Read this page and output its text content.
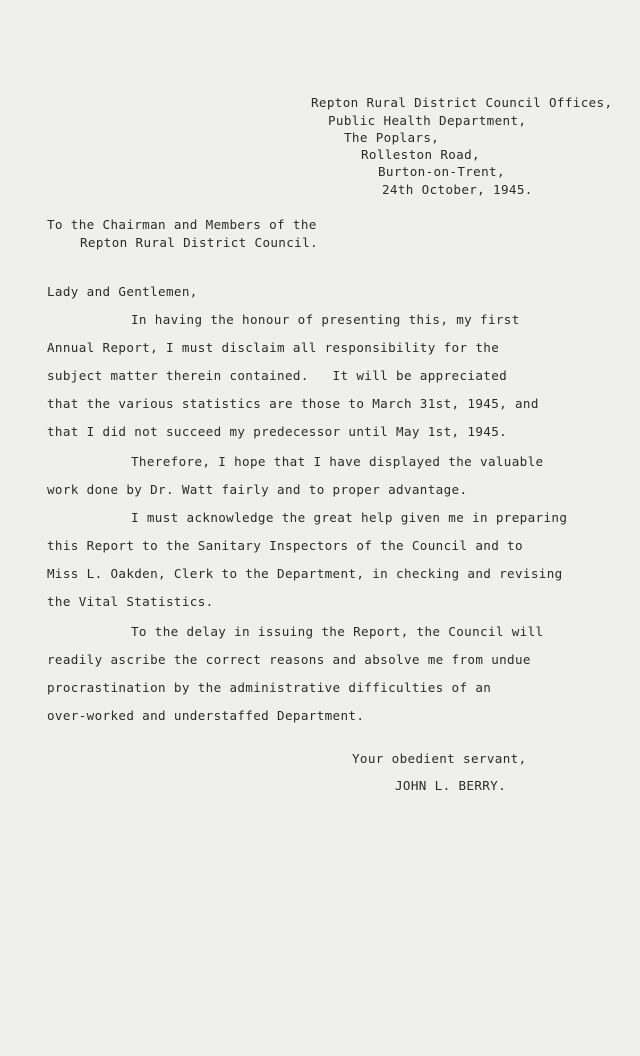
Repton Rural District Council Offices,
Public Health Department,
The Poplars,
Rolleston Road,
Burton-on-Trent,
24th October, 1945.
To the Chairman and Members of the
Repton Rural District Council.
Lady and Gentlemen,
In having the honour of presenting this, my first
Annual Report, I must disclaim all responsibility for the
subject matter therein contained.   It will be appreciated
that the various statistics are those to March 31st, 1945, and
that I did not succeed my predecessor until May 1st, 1945.
Therefore, I hope that I have displayed the valuable
work done by Dr. Watt fairly and to proper advantage.
I must acknowledge the great help given me in preparing
this Report to the Sanitary Inspectors of the Council and to
Miss L. Oakden, Clerk to the Department, in checking and revising
the Vital Statistics.
To the delay in issuing the Report, the Council will
readily ascribe the correct reasons and absolve me from undue
procrastination by the administrative difficulties of an
over-worked and understaffed Department.
Your obedient servant,
JOHN L. BERRY.
